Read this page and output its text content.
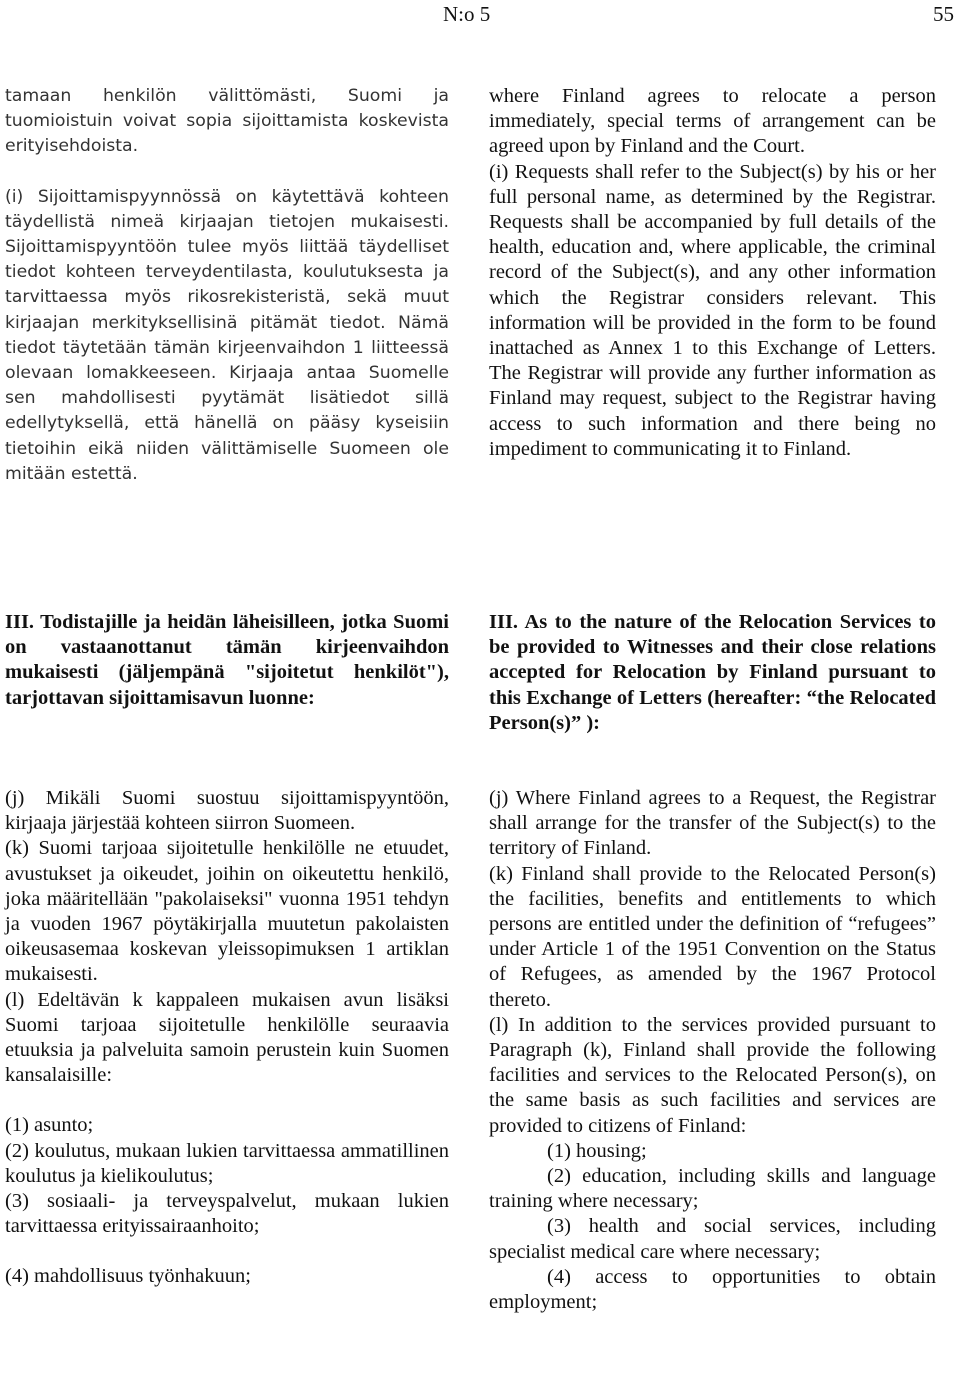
N:o 5	55

tamaan henkilön välittömästi, Suomi ja tuomioistuin voivat sopia sijoittamista koskevista erityisehdoista.

(i) Sijoittamispyynnössä on käytettävä kohteen täydellistä nimeä kirjaajan tietojen mukaisesti. Sijoittamispyyntöön tulee myös liittää täydelliset tiedot kohteen terveydentilasta, koulutuksesta ja tarvittaessa myös rikosrekisteristä, sekä muut kirjaajan merkityksellisinä pitämät tiedot. Nämä tiedot täytetään tämän kirjeenvaihdon 1 liitteessä olevaan lomakkeeseen. Kirjaaja antaa Suomelle sen mahdollisesti pyytämät lisätiedot sillä edellytyksellä, että hänellä on pääsy kyseisiin tietoihin eikä niiden välittämiselle Suomeen ole mitään estettä.

where Finland agrees to relocate a person immediately, special terms of arrangement can be agreed upon by Finland and the Court.

(i) Requests shall refer to the Subject(s) by his or her full personal name, as determined by the Registrar. Requests shall be accompanied by full details of the health, education and, where applicable, the criminal record of the Subject(s), and any other information which the Registrar considers relevant. This information will be provided in the form to be found inattached as Annex 1 to this Exchange of Letters. The Registrar will provide any further information as Finland may request, subject to the Registrar having access to such information and there being no impediment to communicating it to Finland.

III. Todistajille ja heidän läheisilleen, jotka Suomi on vastaanottanut tämän kirjeenvaihdon mukaisesti (jäljempänä "sijoitetut henkilöt"), tarjottavan sijoittamisavun luonne:

III. As to the nature of the Relocation Services to be provided to Witnesses and their close relations accepted for Relocation by Finland pursuant to this Exchange of Letters (hereafter: “the Relocated Person(s)” ):

(j) Mikäli Suomi suostuu sijoittamispyyntöön, kirjaaja järjestää kohteen siirron Suomeen.

(k) Suomi tarjoaa sijoitetulle henkilölle ne etuudet, avustukset ja oikeudet, joihin on oikeutettu henkilö, joka määritellään "pakolaiseksi" vuonna 1951 tehdyn ja vuoden 1967 pöytäkirjalla muutetun pakolaisten oikeusasemaa koskevan yleissopimuksen 1 artiklan mukaisesti.

(l) Edeltävän k kappaleen mukaisen avun lisäksi Suomi tarjoaa sijoitetulle henkilölle seuraavia etuuksia ja palveluita samoin perustein kuin Suomen kansalaisille:

(1) asunto;

(2) koulutus, mukaan lukien tarvittaessa ammatillinen koulutus ja kielikoulutus;

(3) sosiaali- ja terveyspalvelut, mukaan lukien tarvittaessa erityissairaanhoito;

(4) mahdollisuus työnhakuun;

(j) Where Finland agrees to a Request, the Registrar shall arrange for the transfer of the Subject(s) to the territory of Finland.

(k) Finland shall provide to the Relocated Person(s) the facilities, benefits and entitlements to which persons are entitled under the definition of “refugees” under Article 1 of the 1951 Convention on the Status of Refugees, as amended by the 1967 Protocol thereto.

(l) In addition to the services provided pursuant to Paragraph (k), Finland shall provide the following facilities and services to the Relocated Person(s), on the same basis as such facilities and services are provided to citizens of Finland:

(1) housing;

(2) education, including skills and language training where necessary;

(3) health and social services, including specialist medical care where necessary;

(4) access to opportunities to obtain employment;
